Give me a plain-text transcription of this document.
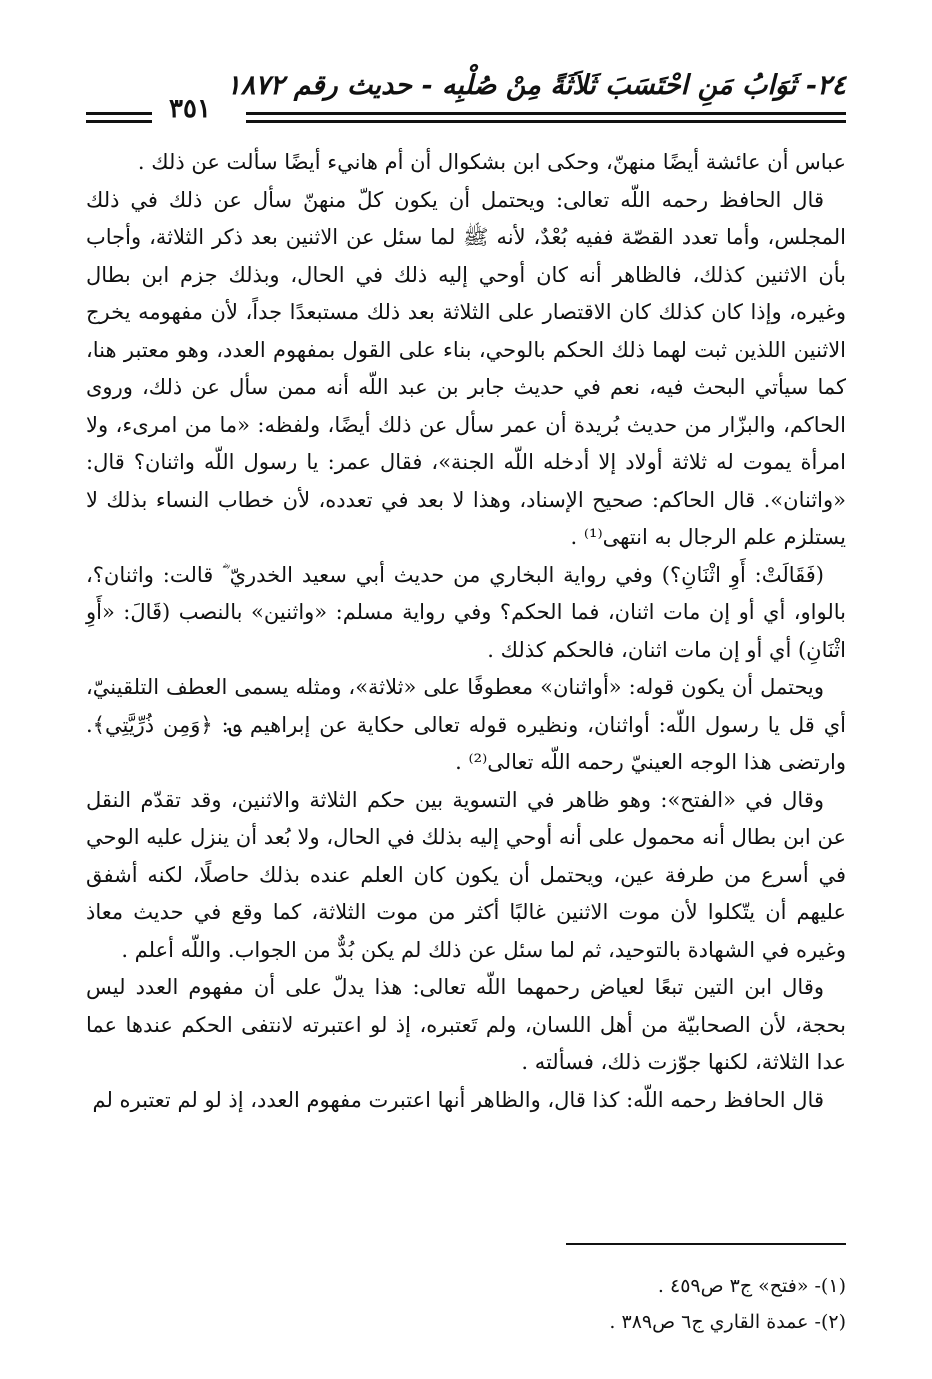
٢٤- ثَوَابُ مَنِ احْتَسَبَ ثَلاَثَةً مِنْ صُلْبِه - حديث رقم ١٨٧٢
٣٥١

عباس أن عائشة أيضًا منهنّ، وحكى ابن بشكوال أن أم هانيء أيضًا سألت عن ذلك .

قال الحافظ رحمه اللّه تعالى: ويحتمل أن يكون كلّ منهنّ سأل عن ذلك في ذلك المجلس، وأما تعدد القصّة ففيه بُعْدٌ، لأنه ﷺ لما سئل عن الاثنين بعد ذكر الثلاثة، وأجاب بأن الاثنين كذلك، فالظاهر أنه كان أوحي إليه ذلك في الحال، وبذلك جزم ابن بطال وغيره، وإذا كان كذلك كان الاقتصار على الثلاثة بعد ذلك مستبعدًا جداً، لأن مفهومه يخرج الاثنين اللذين ثبت لهما ذلك الحكم بالوحي، بناء على القول بمفهوم العدد، وهو معتبر هنا، كما سيأتي البحث فيه، نعم في حديث جابر بن عبد اللّه أنه ممن سأل عن ذلك، وروى الحاكم، والبزّار من حديث بُريدة أن عمر سأل عن ذلك أيضًا، ولفظه: «ما من امرىء، ولا امرأة يموت له ثلاثة أولاد إلا أدخله اللّه الجنة»، فقال عمر: يا رسول اللّه واثنان؟ قال: «واثنان». قال الحاكم: صحيح الإسناد، وهذا لا بعد في تعدده، لأن خطاب النساء بذلك لا يستلزم علم الرجال به انتهى⁽¹⁾ .

(فَقَالَتْ: أَوِ اثْنَانِ؟) وفي رواية البخاري من حديث أبي سعيد الخدريّ ؓ قالت: واثنان؟، بالواو، أي أو إن مات اثنان، فما الحكم؟ وفي رواية مسلم: «واثنين» بالنصب (قَالَ: «أَوِ اثْنَانِ) أي أو إن مات اثنان، فالحكم كذلك .

ويحتمل أن يكون قوله: «أواثنان» معطوفًا على «ثلاثة»، ومثله يسمى العطف التلقينيّ، أي قل يا رسول اللّه: أواثنان، ونظيره قوله تعالى حكاية عن إبراهيم ؈: ﴿وَمِن ذُرِّيَّتِي﴾. وارتضى هذا الوجه العينيّ رحمه اللّه تعالى⁽²⁾ .

وقال في «الفتح»: وهو ظاهر في التسوية بين حكم الثلاثة والاثنين، وقد تقدّم النقل عن ابن بطال أنه محمول على أنه أوحي إليه بذلك في الحال، ولا بُعد أن ينزل عليه الوحي في أسرع من طرفة عين، ويحتمل أن يكون كان العلم عنده بذلك حاصلًا، لكنه أشفق عليهم أن يتّكلوا لأن موت الاثنين غالبًا أكثر من موت الثلاثة، كما وقع في حديث معاذ وغيره في الشهادة بالتوحيد، ثم لما سئل عن ذلك لم يكن بُدٌّ من الجواب. واللّه أعلم .

وقال ابن التين تبعًا لعياض رحمهما اللّه تعالى: هذا يدلّ على أن مفهوم العدد ليس بحجة، لأن الصحابيّة من أهل اللسان، ولم تَعتبره، إذ لو اعتبرته لانتفى الحكم عندها عما عدا الثلاثة، لكنها جوّزت ذلك، فسألته .

قال الحافظ رحمه اللّه: كذا قال، والظاهر أنها اعتبرت مفهوم العدد، إذ لو لم تعتبره لم

(١)- «فتح» ج٣ ص٤٥٩ .
(٢)- عمدة القاري ج٦ ص٣٨٩ .
